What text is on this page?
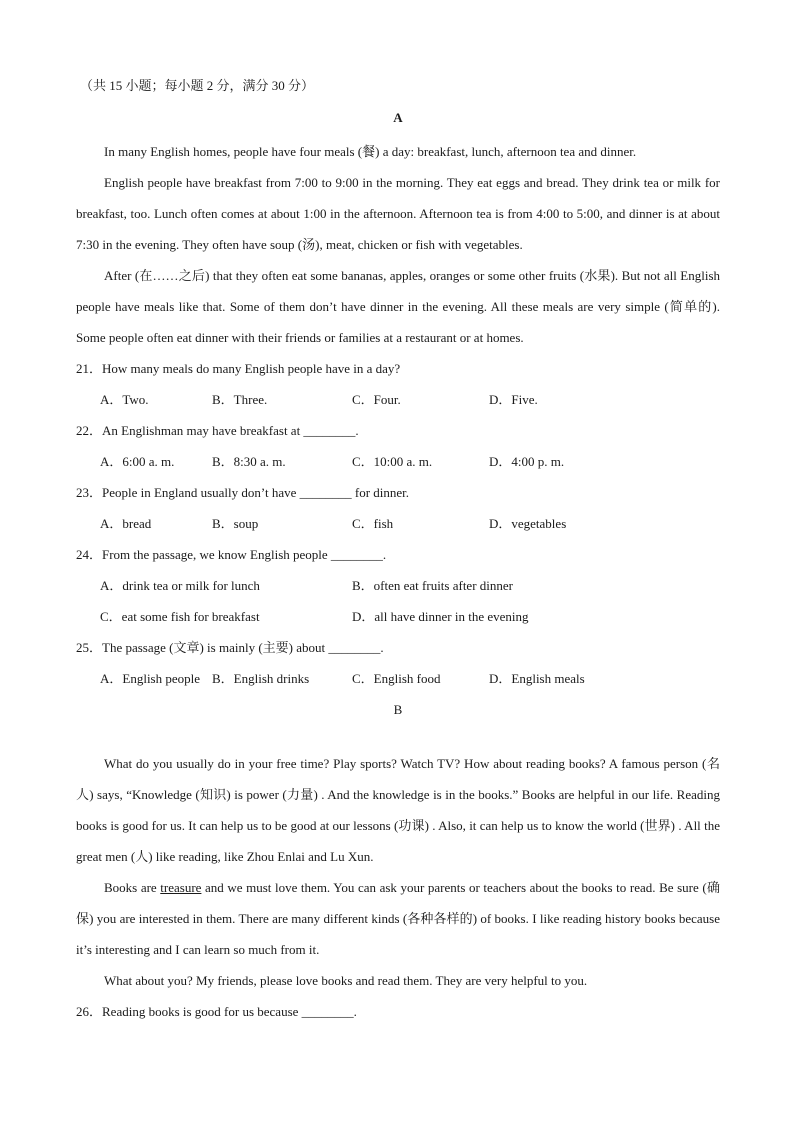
（共 15 小题；每小题 2 分，满分 30 分）
A

In many English homes, people have four meals (餐) a day: breakfast, lunch, afternoon tea and dinner.

English people have breakfast from 7:00 to 9:00 in the morning. They eat eggs and bread. They drink tea or milk for breakfast, too. Lunch often comes at about 1:00 in the afternoon. Afternoon tea is from 4:00 to 5:00, and dinner is at about 7:30 in the evening. They often have soup (汤), meat, chicken or fish with vegetables.

After (在……之后) that they often eat some bananas, apples, oranges or some other fruits (水果). But not all English people have meals like that. Some of them don’t have dinner in the evening. All these meals are very simple (简单的). Some people often eat dinner with their friends or families at a restaurant or at homes.

21．How many meals do many English people have in a day?
A．Two.	B．Three.	C．Four.	D．Five.
22．An Englishman may have breakfast at ________.
A．6:00 a. m.	B．8:30 a. m.	C．10:00 a. m.	D．4:00 p. m.
23．People in England usually don’t have ________ for dinner.
A．bread	B．soup	C．fish	D．vegetables
24．From the passage, we know English people ________.
A．drink tea or milk for lunch	B．often eat fruits after dinner
C．eat some fish for breakfast	D．all have dinner in the evening
25．The passage (文章) is mainly (主要) about ________.
A．English people B．English drinks	C．English food	D．English meals
B

What do you usually do in your free time? Play sports? Watch TV? How about reading books? A famous person (名人) says, “Knowledge (知识) is power (力量) . And the knowledge is in the books.” Books are helpful in our life. Reading books is good for us. It can help us to be good at our lessons (功课) . Also, it can help us to know the world (世界) . All the great men (人) like reading, like Zhou Enlai and Lu Xun.

Books are treasure and we must love them. You can ask your parents or teachers about the books to read. Be sure (确保) you are interested in them. There are many different kinds (各种各样的) of books. I like reading history books because it’s interesting and I can learn so much from it.

What about you? My friends, please love books and read them. They are very helpful to you.

26．Reading books is good for us because ________.
